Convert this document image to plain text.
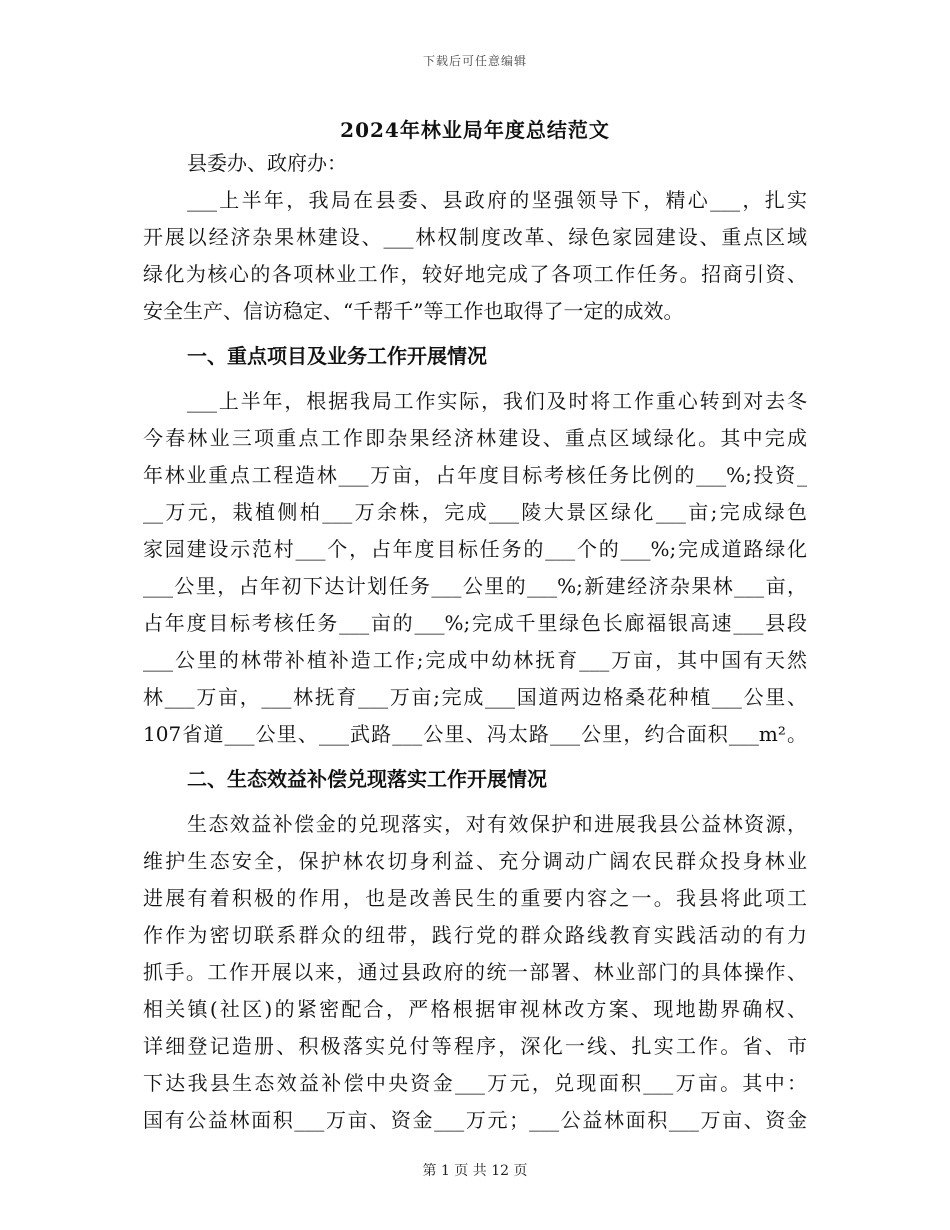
下载后可任意编辑
2024年林业局年度总结范文
县委办、政府办：
___上半年，我局在县委、县政府的坚强领导下，精心___，扎实
开展以经济杂果林建设、___林权制度改革、绿色家园建设、重点区域
绿化为核心的各项林业工作，较好地完成了各项工作任务。招商引资、
安全生产、信访稳定、“千帮千”等工作也取得了一定的成效。
一、重点项目及业务工作开展情况
___上半年，根据我局工作实际，我们及时将工作重心转到对去冬
今春林业三项重点工作即杂果经济林建设、重点区域绿化。其中完成
年林业重点工程造林___万亩，占年度目标考核任务比例的___%;投资_
__万元，栽植侧柏___万余株，完成___陵大景区绿化___亩;完成绿色
家园建设示范村___个，占年度目标任务的___个的___%;完成道路绿化
___公里，占年初下达计划任务___公里的___%;新建经济杂果林___亩，
占年度目标考核任务___亩的___%;完成千里绿色长廊福银高速___县段
___公里的林带补植补造工作;完成中幼林抚育___万亩，其中国有天然
林___万亩，___林抚育___万亩;完成___国道两边格桑花种植___公里、
107省道___公里、___武路___公里、冯太路___公里，约合面积___m²。
二、生态效益补偿兑现落实工作开展情况
生态效益补偿金的兑现落实，对有效保护和进展我县公益林资源，
维护生态安全，保护林农切身利益、充分调动广阔农民群众投身林业
进展有着积极的作用，也是改善民生的重要内容之一。我县将此项工
作作为密切联系群众的纽带，践行党的群众路线教育实践活动的有力
抓手。工作开展以来，通过县政府的统一部署、林业部门的具体操作、
相关镇(社区)的紧密配合，严格根据审视林改方案、现地勘界确权、
详细登记造册、积极落实兑付等程序，深化一线、扎实工作。省、市
下达我县生态效益补偿中央资金___万元，兑现面积___万亩。其中：
国有公益林面积___万亩、资金___万元；___公益林面积___万亩、资金
第 1 页 共 12 页
